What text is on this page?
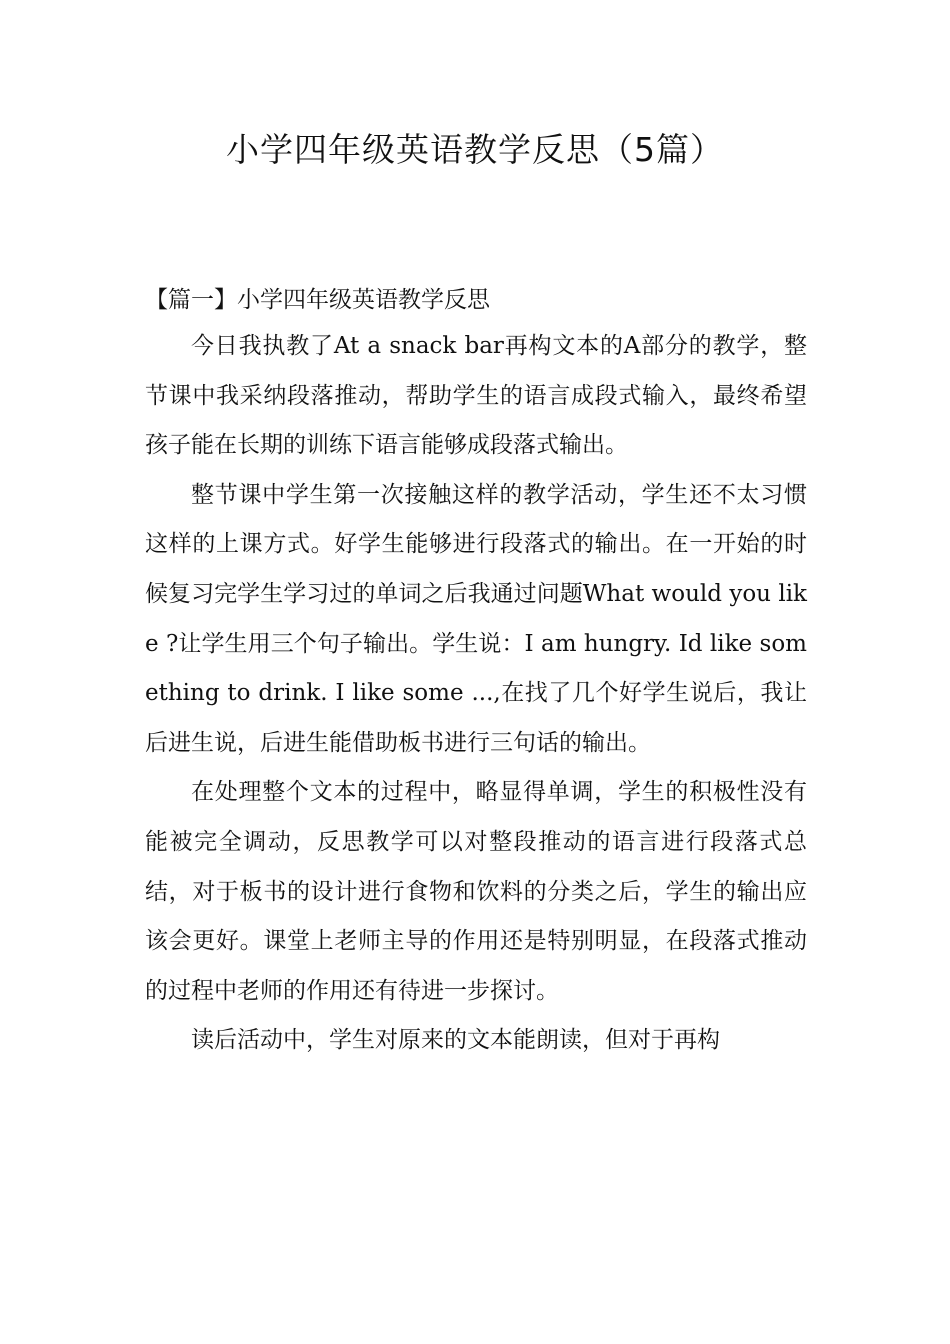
小学四年级英语教学反思（5篇）
【篇一】小学四年级英语教学反思

今日我执教了At a snack bar再构文本的A部分的教学，整节课中我采纳段落推动，帮助学生的语言成段式输入，最终希望孩子能在长期的训练下语言能够成段落式输出。

整节课中学生第一次接触这样的教学活动，学生还不太习惯这样的上课方式。好学生能够进行段落式的输出。在一开始的时候复习完学生学习过的单词之后我通过问题What would you like ?让学生用三个句子输出。学生说：I am hungry. Id like something to drink. I like some ...,在找了几个好学生说后，我让后进生说，后进生能借助板书进行三句话的输出。

在处理整个文本的过程中，略显得单调，学生的积极性没有能被完全调动，反思教学可以对整段推动的语言进行段落式总结，对于板书的设计进行食物和饮料的分类之后，学生的输出应该会更好。课堂上老师主导的作用还是特别明显，在段落式推动的过程中老师的作用还有待进一步探讨。

读后活动中，学生对原来的文本能朗读，但对于再构
